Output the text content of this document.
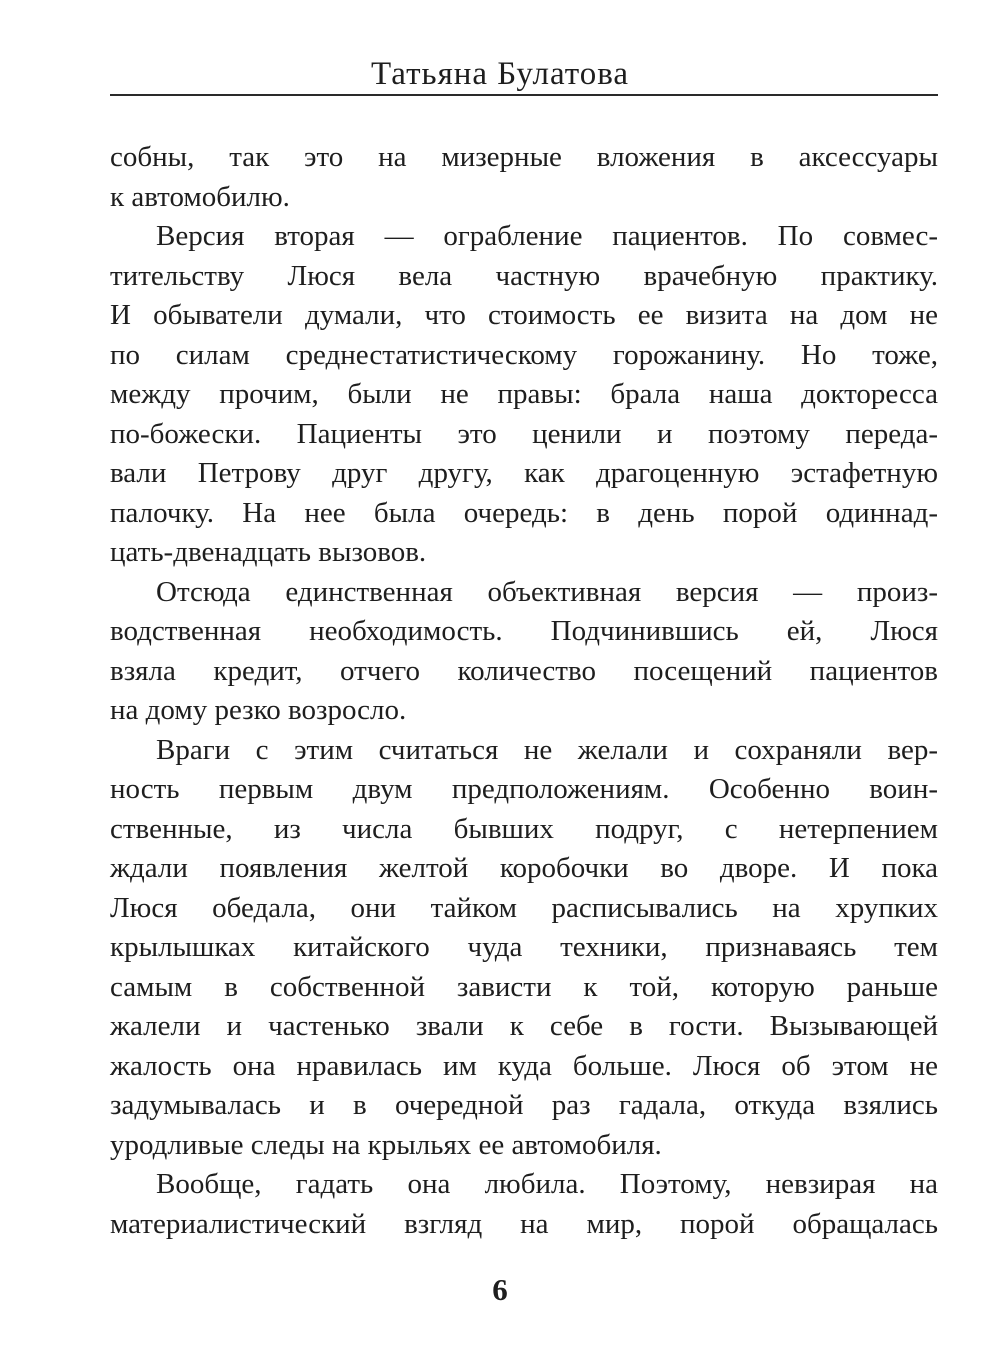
Татьяна Булатова
собны, так это на мизерные вложения в аксессуары
к автомобилю.
Версия вторая — ограбление пациентов. По совмес-
тительству Люся вела частную врачебную практику.
И обыватели думали, что стоимость ее визита на дом не
по силам среднестатистическому горожанину. Но тоже,
между прочим, были не правы: брала наша докторесса
по-божески. Пациенты это ценили и поэтому переда-
вали Петрову друг другу, как драгоценную эстафетную
палочку. На нее была очередь: в день порой одиннад-
цать-двенадцать вызовов.
Отсюда единственная объективная версия — произ-
водственная необходимость. Подчинившись ей, Люся
взяла кредит, отчего количество посещений пациентов
на дому резко возросло.
Враги с этим считаться не желали и сохраняли вер-
ность первым двум предположениям. Особенно воин-
ственные, из числа бывших подруг, с нетерпением
ждали появления желтой коробочки во дворе. И пока
Люся обедала, они тайком расписывались на хрупких
крылышках китайского чуда техники, признаваясь тем
самым в собственной зависти к той, которую раньше
жалели и частенько звали к себе в гости. Вызывающей
жалость она нравилась им куда больше. Люся об этом не
задумывалась и в очередной раз гадала, откуда взялись
уродливые следы на крыльях ее автомобиля.
Вообще, гадать она любила. Поэтому, невзирая на
материалистический взгляд на мир, порой обращалась
6
